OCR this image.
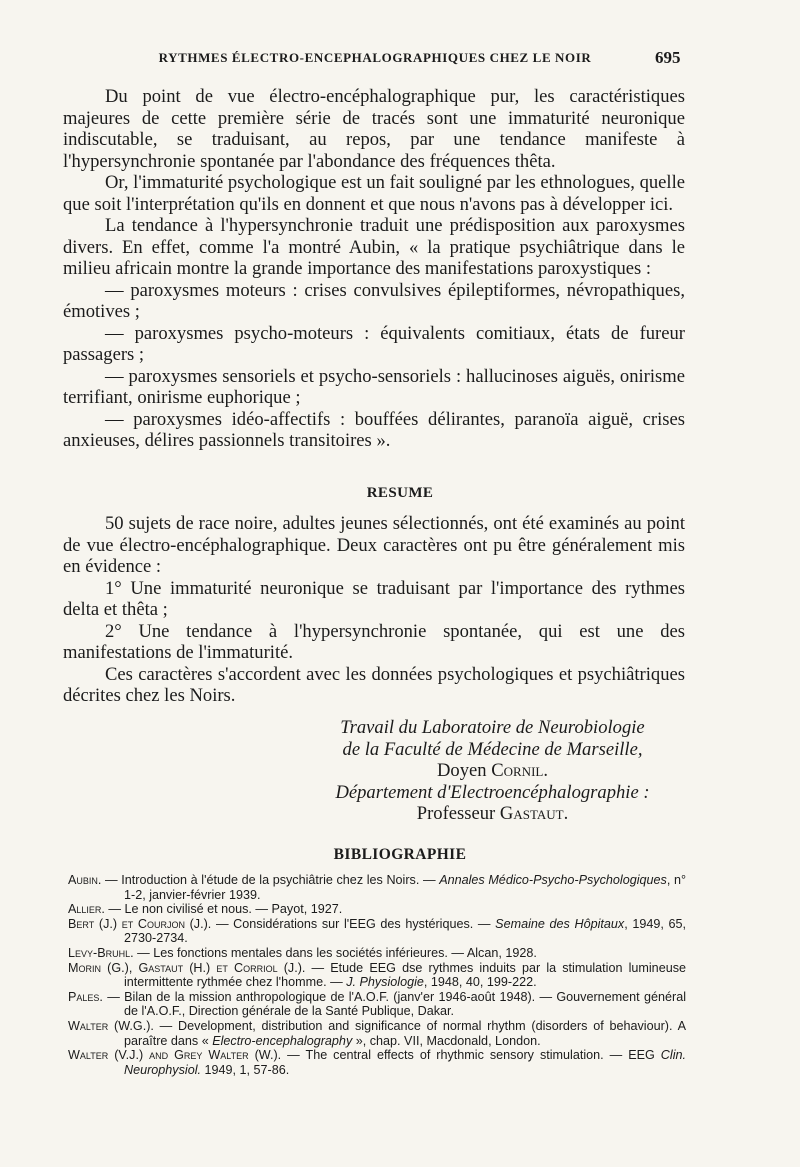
RYTHMES ÉLECTRO-ENCEPHALOGRAPHIQUES CHEZ LE NOIR	695

Du point de vue électro-encéphalographique pur, les caractéristiques majeures de cette première série de tracés sont une immaturité neuronique indiscutable, se traduisant, au repos, par une tendance manifeste à l'hypersynchronie spontanée par l'abondance des fréquences thêta.

Or, l'immaturité psychologique est un fait souligné par les ethnologues, quelle que soit l'interprétation qu'ils en donnent et que nous n'avons pas à développer ici.

La tendance à l'hypersynchronie traduit une prédisposition aux paroxysmes divers. En effet, comme l'a montré Aubin, « la pratique psychiâtrique dans le milieu africain montre la grande importance des manifestations paroxystiques :

— paroxysmes moteurs : crises convulsives épileptiformes, névropathiques, émotives ;

— paroxysmes psycho-moteurs : équivalents comitiaux, états de fureur passagers ;

— paroxysmes sensoriels et psycho-sensoriels : hallucinoses aiguës, onirisme terrifiant, onirisme euphorique ;

— paroxysmes idéo-affectifs : bouffées délirantes, paranoïa aiguë, crises anxieuses, délires passionnels transitoires ».

RESUME

50 sujets de race noire, adultes jeunes sélectionnés, ont été examinés au point de vue électro-encéphalographique. Deux caractères ont pu être généralement mis en évidence :

1° Une immaturité neuronique se traduisant par l'importance des rythmes delta et thêta ;

2° Une tendance à l'hypersynchronie spontanée, qui est une des manifestations de l'immaturité.

Ces caractères s'accordent avec les données psychologiques et psychiâtriques décrites chez les Noirs.

Travail du Laboratoire de Neurobiologie
de la Faculté de Médecine de Marseille,
Doyen Cornil.
Département d'Electroencéphalographie :
Professeur Gastaut.
BIBLIOGRAPHIE

Aubin. — Introduction à l'étude de la psychiâtrie chez les Noirs. — Annales Médico-Psycho-Psychologiques, n° 1-2, janvier-février 1939.

Allier. — Le non civilisé et nous. — Payot, 1927.

Bert (J.) et Courjon (J.). — Considérations sur l'EEG des hystériques. — Semaine des Hôpitaux, 1949, 65, 2730-2734.

Levy-Bruhl. — Les fonctions mentales dans les sociétés inférieures. — Alcan, 1928.

Morin (G.), Gastaut (H.) et Corriol (J.). — Etude EEG dse rythmes induits par la stimulation lumineuse intermittente rythmée chez l'homme. — J. Physiologie, 1948, 40, 199-222.

Pales. — Bilan de la mission anthropologique de l'A.O.F. (janv'er 1946-août 1948). — Gouvernement général de l'A.O.F., Direction générale de la Santé Publique, Dakar.

Walter (W.G.). — Development, distribution and significance of normal rhythm (disorders of behaviour). A paraître dans « Electro-encephalography », chap. VII, Macdonald, London.

Walter (V.J.) and Grey Walter (W.). — The central effects of rhythmic sensory stimulation. — EEG Clin. Neurophysiol. 1949, 1, 57-86.
